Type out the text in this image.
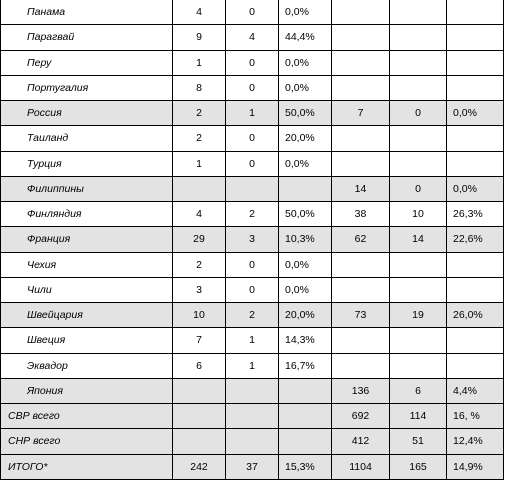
Панама	4	0	0,0%			
Парагвай	9	4	44,4%			
Перу	1	0	0,0%			
Португалия	8	0	0,0%			
Россия	2	1	50,0%	7	0	0,0%
Таиланд	2	0	20,0%			
Турция	1	0	0,0%			
Филиппины				14	0	0,0%
Финляндия	4	2	50,0%	38	10	26,3%
Франция	29	3	10,3%	62	14	22,6%
Чехия	2	0	0,0%			
Чили	3	0	0,0%			
Швейцария	10	2	20,0%	73	19	26,0%
Швеция	7	1	14,3%			
Эквадор	6	1	16,7%			
Япония				136	6	4,4%
СВР всего				692	114	16, %
СНР всего				412	51	12,4%
ИТОГО*	242	37	15,3%	1104	165	14,9%
